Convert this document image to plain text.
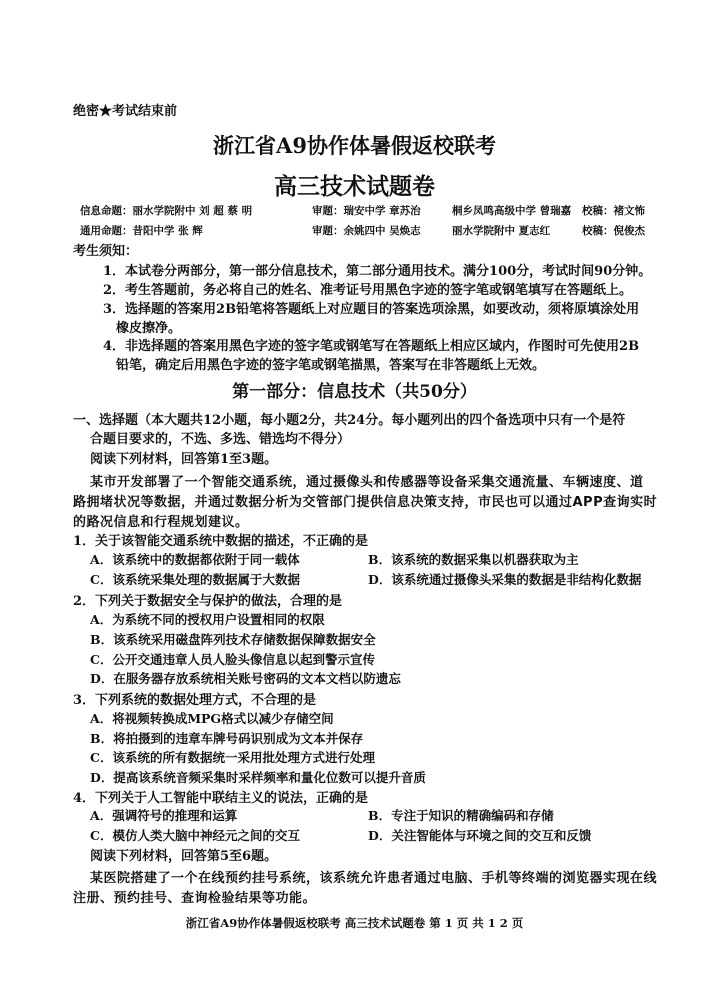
绝密★考试结束前
浙江省A9协作体暑假返校联考
高三技术试题卷
信息命题：丽水学院附中 刘 超 蔡 明	审题：瑞安中学 章苏治	桐乡凤鸣高级中学 曾瑞嘉 校稿：褚文怖
通用命题：昔阳中学 张 辉	审题：余姚四中 吴焕志	丽水学院附中 夏志红	校稿：倪俊杰
考生须知：
1．本试卷分两部分，第一部分信息技术，第二部分通用技术。满分100分，考试时间90分钟。
2．考生答题前，务必将自己的姓名、准考证号用黑色字迹的签字笔或钢笔填写在答题纸上。
3．选择题的答案用2B铅笔将答题纸上对应题目的答案选项涂黑，如要改动，须将原填涂处用
橡皮擦净。
4．非选择题的答案用黑色字迹的签字笔或钢笔写在答题纸上相应区域内，作图时可先使用2B
铅笔，确定后用黑色字迹的签字笔或钢笔描黑，答案写在非答题纸上无效。
第一部分：信息技术（共50分）
一、选择题（本大题共12小题，每小题2分，共24分。每小题列出的四个备选项中只有一个是符
合题目要求的，不选、多选、错选均不得分）
阅读下列材料，回答第1至3题。
某市开发部署了一个智能交通系统，通过摄像头和传感器等设备采集交通流量、车辆速度、道
路拥堵状况等数据，并通过数据分析为交管部门提供信息决策支持，市民也可以通过APP查询实时
的路况信息和行程规划建议。
1．关于该智能交通系统中数据的描述，不正确的是
A．该系统中的数据都依附于同一载体	B．该系统的数据采集以机器获取为主
C．该系统采集处理的数据属于大数据	D．该系统通过摄像头采集的数据是非结构化数据
2．下列关于数据安全与保护的做法，合理的是
A．为系统不同的授权用户设置相同的权限
B．该系统采用磁盘阵列技术存储数据保障数据安全
C．公开交通违章人员人脸头像信息以起到警示宣传
D．在服务器存放系统相关账号密码的文本文档以防遗忘
3．下列系统的数据处理方式，不合理的是
A．将视频转换成MPG格式以减少存储空间
B．将拍摄到的违章车牌号码识别成为文本并保存
C．该系统的所有数据统一采用批处理方式进行处理
D．提高该系统音频采集时采样频率和量化位数可以提升音质
4．下列关于人工智能中联结主义的说法，正确的是
A．强调符号的推理和运算	B．专注于知识的精确编码和存储
C．模仿人类大脑中神经元之间的交互	D．关注智能体与环境之间的交互和反馈
阅读下列材料，回答第5至6题。
某医院搭建了一个在线预约挂号系统，该系统允许患者通过电脑、手机等终端的浏览器实现在线
注册、预约挂号、查询检验结果等功能。
浙江省A9协作体暑假返校联考 高三技术试题卷 第 1 页 共 1 2 页
